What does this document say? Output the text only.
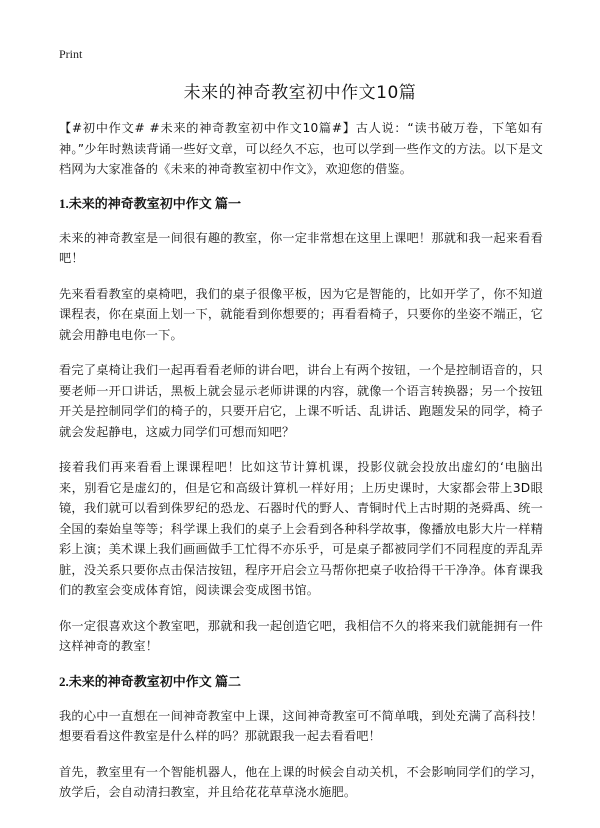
Print
未来的神奇教室初中作文10篇

【#初中作文# #未来的神奇教室初中作文10篇#】古人说：“读书破万卷，下笔如有神。”少年时熟读背诵一些好文章，可以经久不忘，也可以学到一些作文的方法。以下是文档网为大家准备的《未来的神奇教室初中作文》，欢迎您的借鉴。

1.未来的神奇教室初中作文 篇一

未来的神奇教室是一间很有趣的教室，你一定非常想在这里上课吧！那就和我一起来看看吧！

先来看看教室的桌椅吧，我们的桌子很像平板，因为它是智能的，比如开学了，你不知道课程表，你在桌面上划一下，就能看到你想要的；再看看椅子，只要你的坐姿不端正，它就会用静电电你一下。

看完了桌椅让我们一起再看看老师的讲台吧，讲台上有两个按钮，一个是控制语音的，只要老师一开口讲话，黑板上就会显示老师讲课的内容，就像一个语言转换器；另一个按钮开关是控制同学们的椅子的，只要开启它，上课不听话、乱讲话、跑题发呆的同学，椅子就会发起静电，这威力同学们可想而知吧？

接着我们再来看看上课课程吧！比如这节计算机课，投影仪就会投放出虚幻的‘电脑出来，别看它是虚幻的，但是它和高级计算机一样好用；上历史课时，大家都会带上3D眼镜，我们就可以看到侏罗纪的恐龙、石器时代的野人、青铜时代上古时期的尧舜禹、统一全国的秦始皇等等；科学课上我们的桌子上会看到各种科学故事，像播放电影大片一样精彩上演；美术课上我们画画做手工忙得不亦乐乎，可是桌子都被同学们不同程度的弄乱弄脏，没关系只要你点击保洁按钮，程序开启会立马帮你把桌子收拾得干干净净。体育课我们的教室会变成体育馆，阅读课会变成图书馆。

你一定很喜欢这个教室吧，那就和我一起创造它吧，我相信不久的将来我们就能拥有一件这样神奇的教室！

2.未来的神奇教室初中作文 篇二

我的心中一直想在一间神奇教室中上课，这间神奇教室可不简单哦，到处充满了高科技！想要看看这件教室是什么样的吗？那就跟我一起去看看吧！

首先，教室里有一个智能机器人，他在上课的时候会自动关机，不会影响同学们的学习，放学后，会自动清扫教室，并且给花花草草浇水施肥。
